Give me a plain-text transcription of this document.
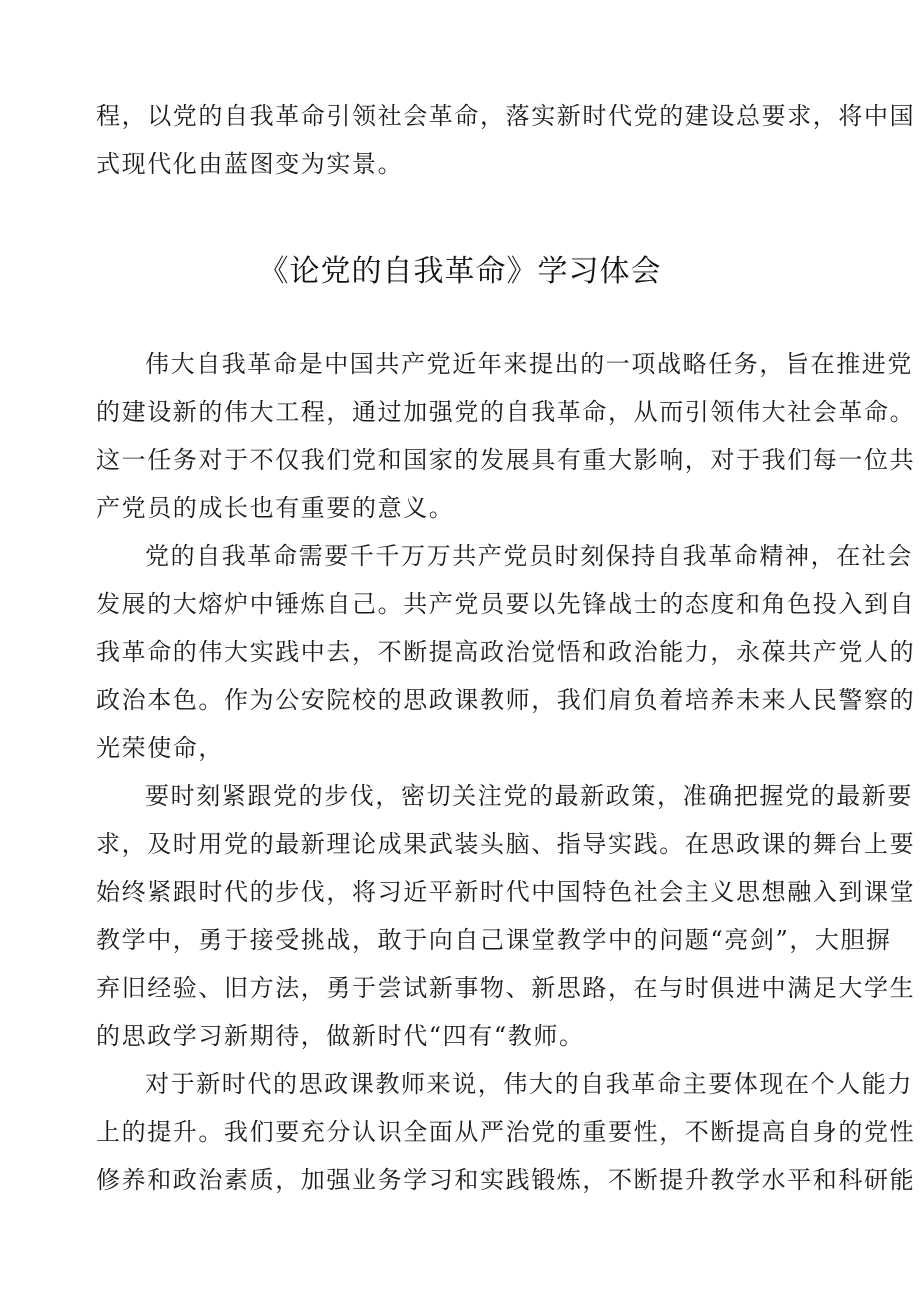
程，以党的自我革命引领社会革命，落实新时代党的建设总要求，将中国
式现代化由蓝图变为实景。
《论党的自我革命》学习体会
伟大自我革命是中国共产党近年来提出的一项战略任务，旨在推进党
的建设新的伟大工程，通过加强党的自我革命，从而引领伟大社会革命。
这一任务对于不仅我们党和国家的发展具有重大影响，对于我们每一位共
产党员的成长也有重要的意义。
党的自我革命需要千千万万共产党员时刻保持自我革命精神，在社会
发展的大熔炉中锤炼自己。共产党员要以先锋战士的态度和角色投入到自
我革命的伟大实践中去，不断提高政治觉悟和政治能力，永葆共产党人的
政治本色。作为公安院校的思政课教师，我们肩负着培养未来人民警察的
光荣使命，
要时刻紧跟党的步伐，密切关注党的最新政策，准确把握党的最新要
求，及时用党的最新理论成果武装头脑、指导实践。在思政课的舞台上要
始终紧跟时代的步伐，将习近平新时代中国特色社会主义思想融入到课堂
教学中，勇于接受挑战，敢于向自己课堂教学中的问题“亮剑”，大胆摒
弃旧经验、旧方法，勇于尝试新事物、新思路，在与时俱进中满足大学生
的思政学习新期待，做新时代“四有“教师。
对于新时代的思政课教师来说，伟大的自我革命主要体现在个人能力
上的提升。我们要充分认识全面从严治党的重要性，不断提高自身的党性
修养和政治素质，加强业务学习和实践锻炼，不断提升教学水平和科研能
